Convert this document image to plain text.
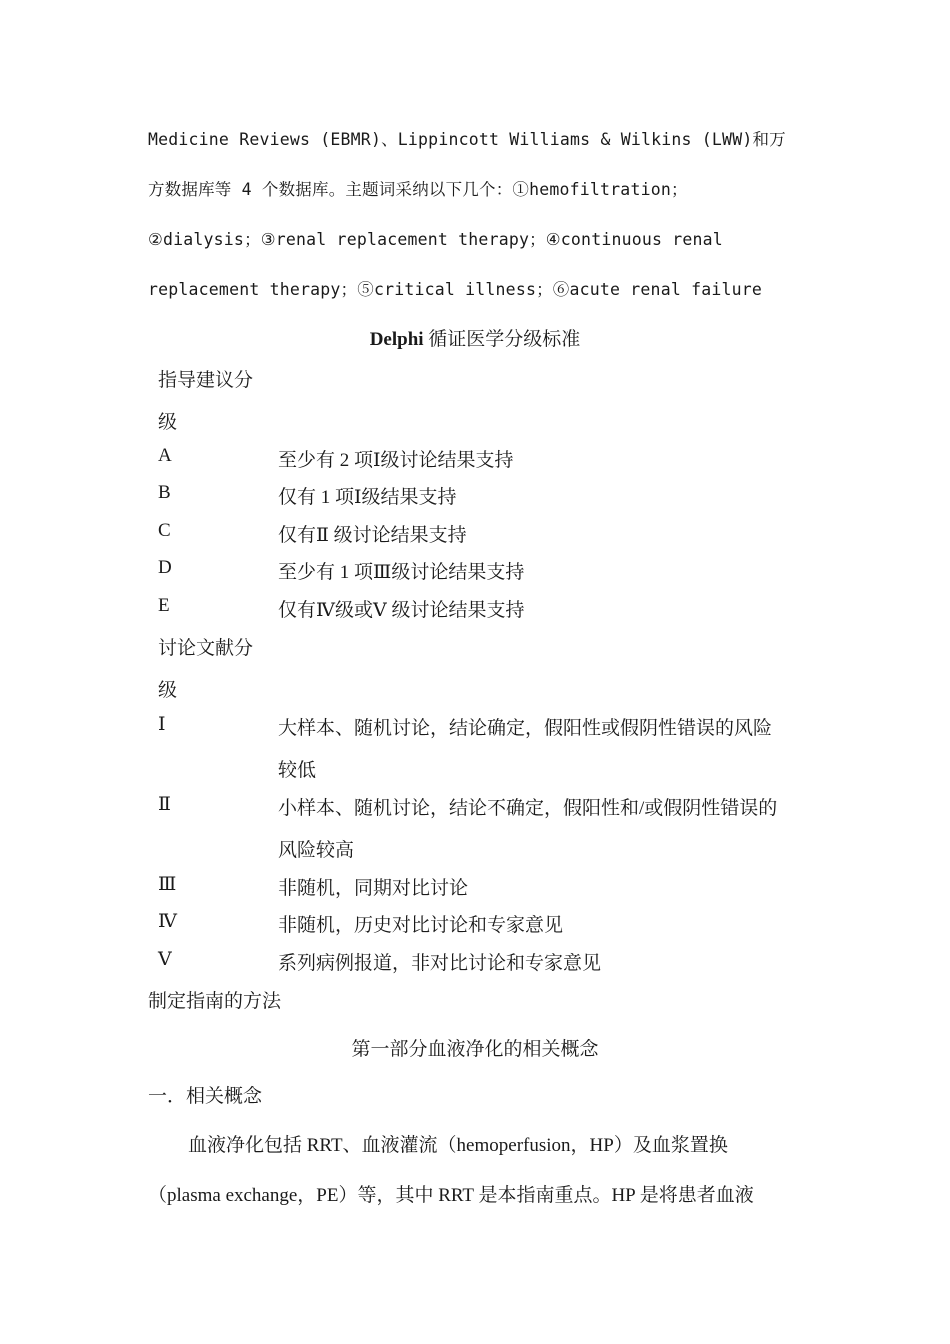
Medicine Reviews (EBMR)、Lippincott Williams & Wilkins (LWW)和万
方数据库等 4 个数据库。主题词采纳以下几个：①hemofiltration；
②dialysis；③renal replacement therapy；④continuous renal
replacement therapy；⑤critical illness；⑥acute renal failure
Delphi 循证医学分级标准
指导建议分
级
A	至少有 2 项Ⅰ级讨论结果支持
B	仅有 1 项Ⅰ级结果支持
C	仅有Ⅱ 级讨论结果支持
D	至少有 1 项Ⅲ级讨论结果支持
E	仅有Ⅳ级或Ⅴ 级讨论结果支持
讨论文献分
级
Ⅰ	大样本、随机讨论，结论确定，假阳性或假阴性错误的风险
较低
Ⅱ	小样本、随机讨论，结论不确定，假阳性和/或假阴性错误的
风险较高
Ⅲ	非随机，同期对比讨论
Ⅳ	非随机，历史对比讨论和专家意见
Ⅴ	系列病例报道，非对比讨论和专家意见
制定指南的方法
第一部分血液净化的相关概念
一．相关概念
血液净化包括 RRT、血液灌流（hemoperfusion，HP）及血浆置换
（plasma exchange，PE）等，其中 RRT 是本指南重点。HP 是将患者血液
